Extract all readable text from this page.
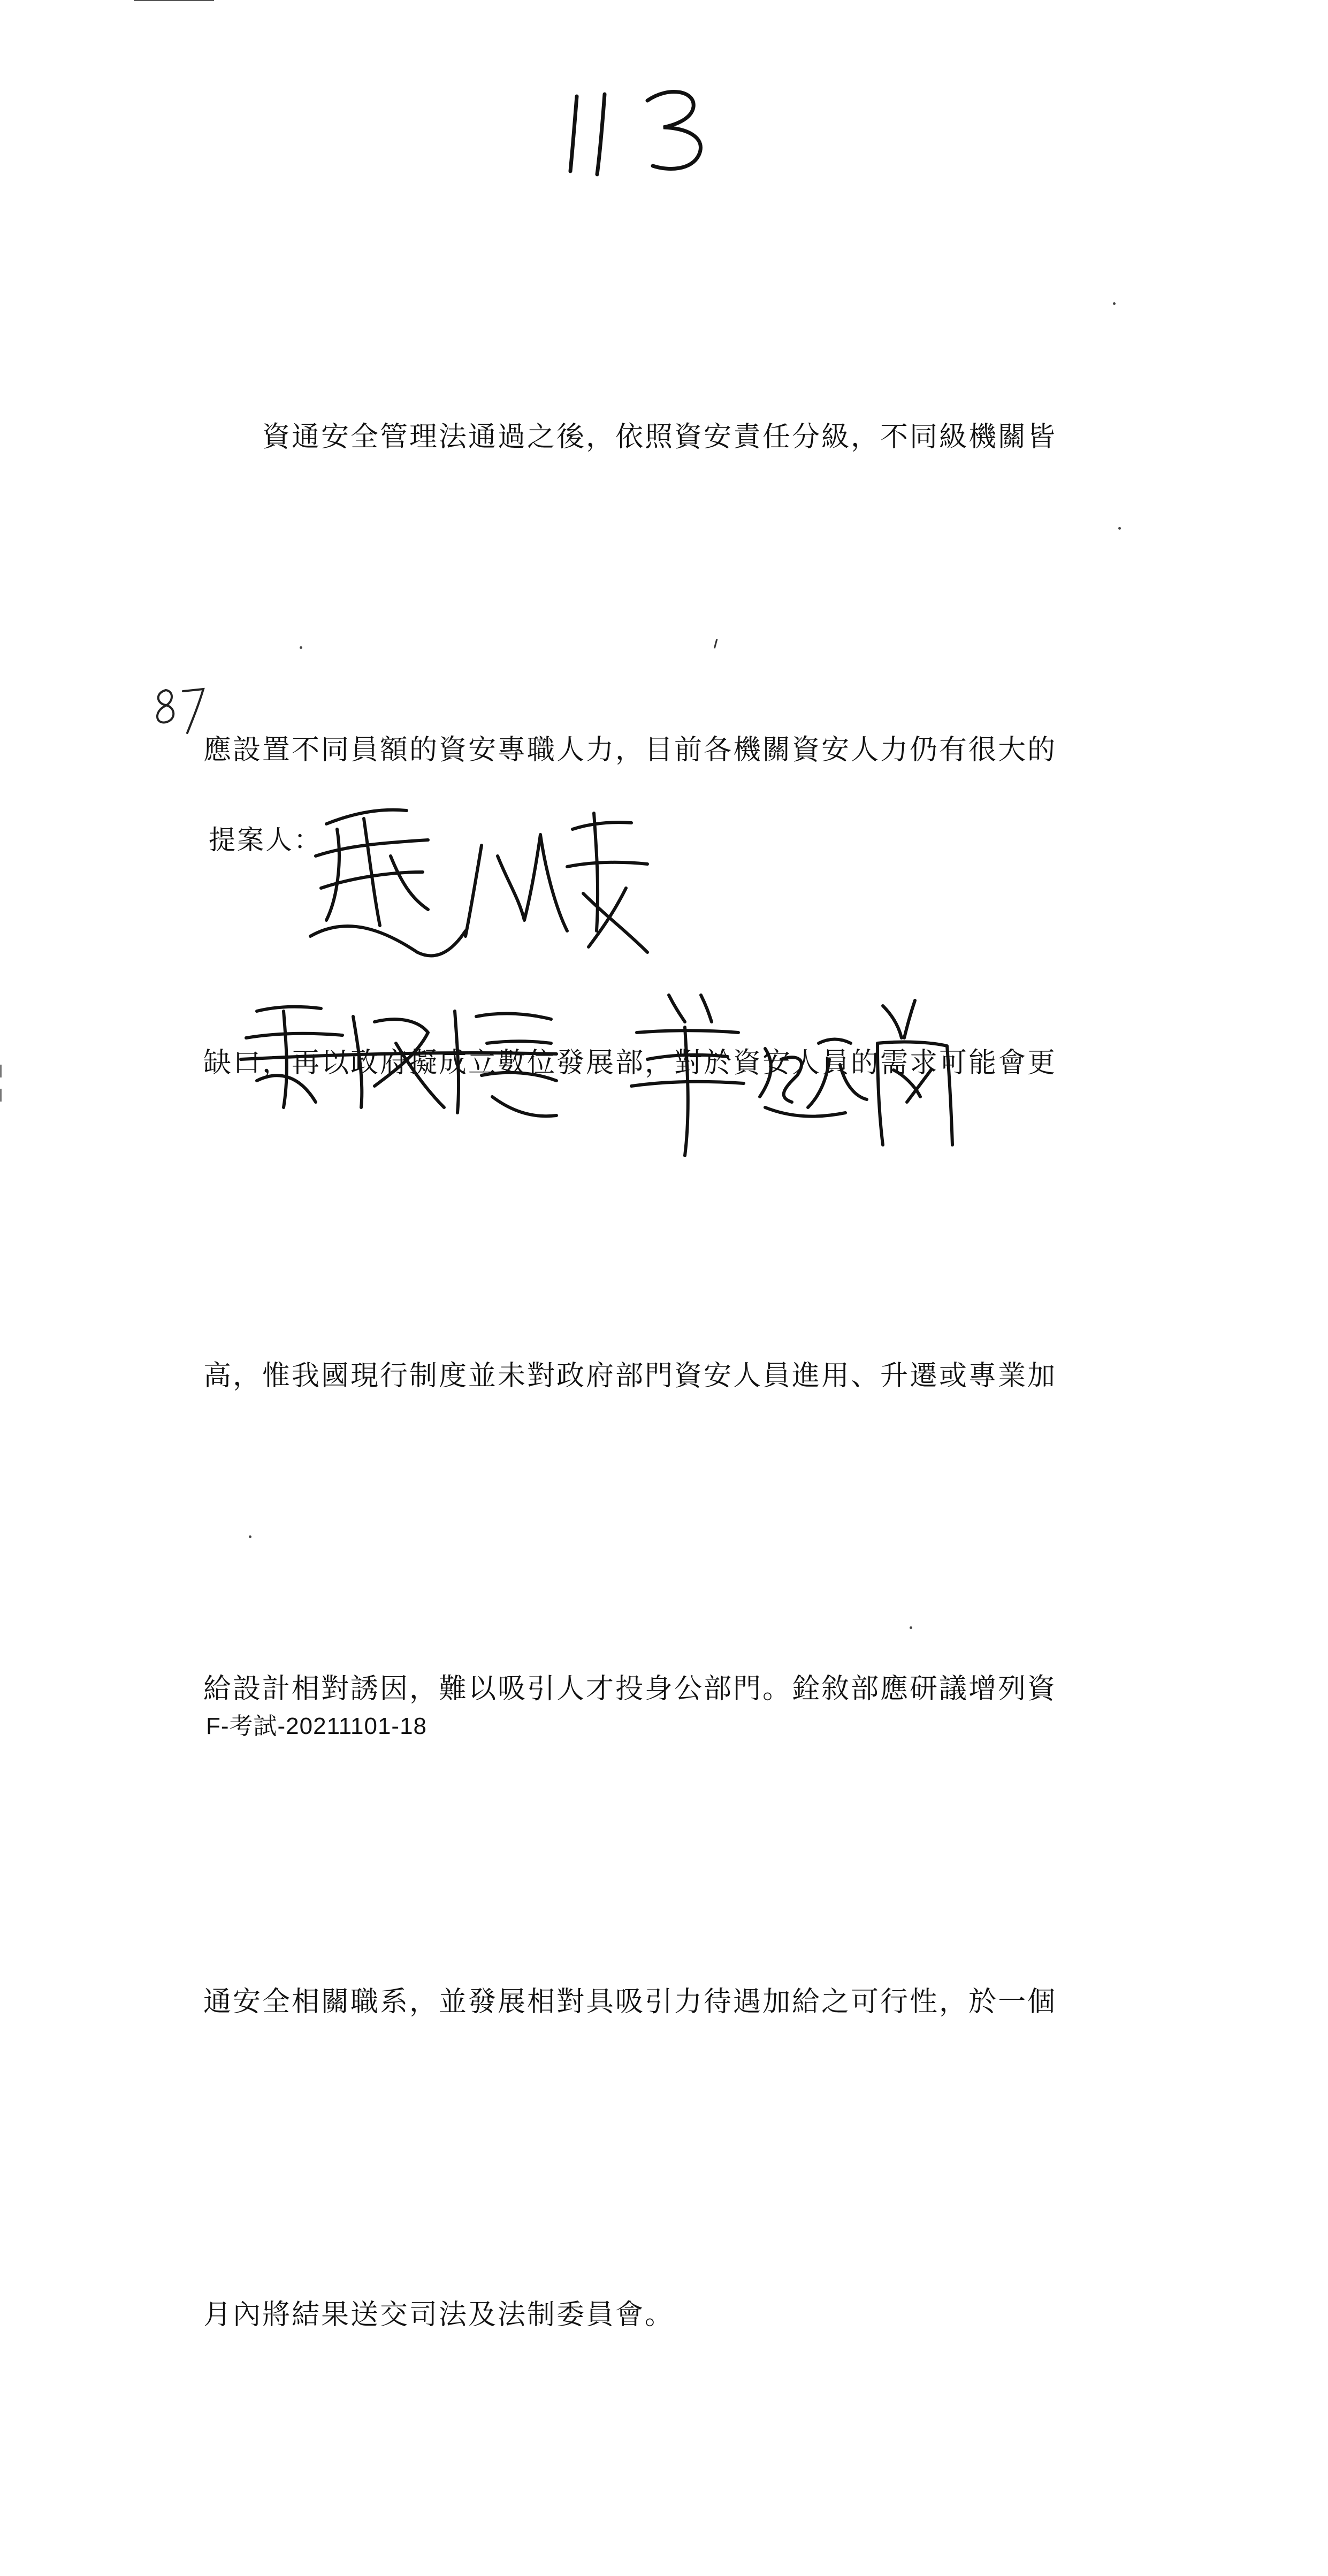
資通安全管理法通過之後，依照資安責任分級，不同級機關皆

應設置不同員額的資安專職人力，目前各機關資安人力仍有很大的

缺口，再以政府擬成立數位發展部，對於資安人員的需求可能會更

高，惟我國現行制度並未對政府部門資安人員進用、升遷或專業加

給設計相對誘因，難以吸引人才投身公部門。銓敘部應研議增列資

通安全相關職系，並發展相對具吸引力待遇加給之可行性，於一個

月內將結果送交司法及法制委員會。

提案人：
F-考試-20211101-18
